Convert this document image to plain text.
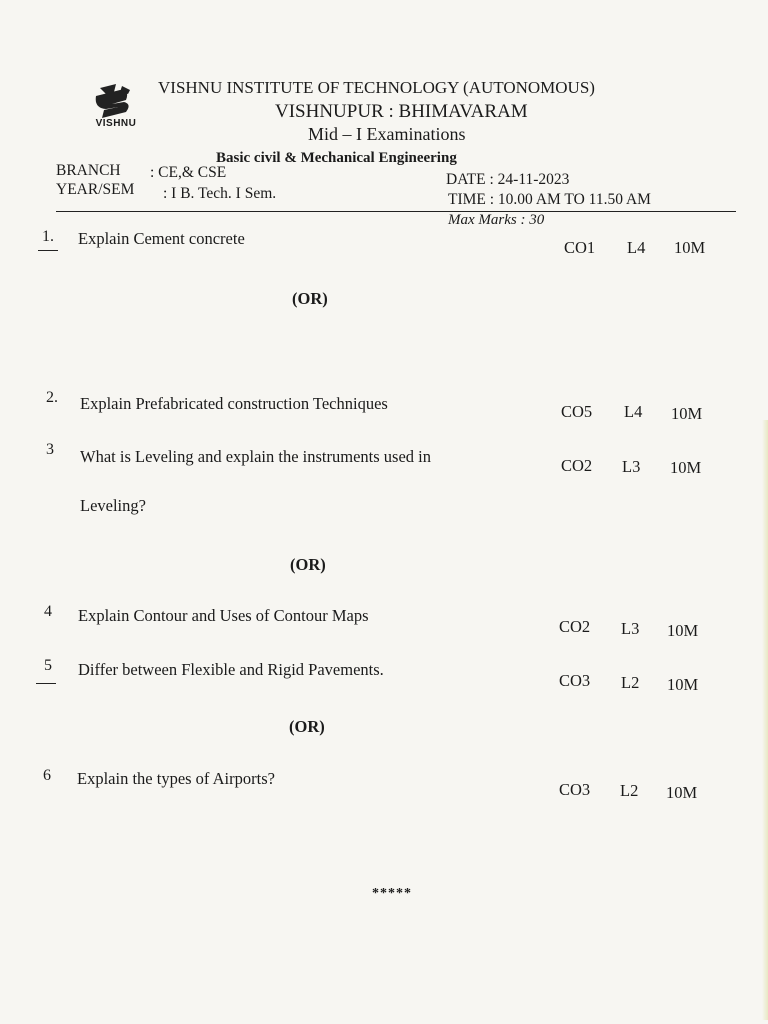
VISHNU
VISHNU INSTITUTE OF TECHNOLOGY (AUTONOMOUS)
VISHNUPUR : BHIMAVARAM
Mid – I Examinations
Basic civil & Mechanical Engineering
BRANCH : CE,& CSE
YEAR/SEM : I B. Tech. I Sem.
DATE : 24-11-2023
TIME : 10.00 AM TO 11.50 AM
Max Marks : 30
1. Explain Cement concrete	CO1 L4 10M
(OR)
2. Explain Prefabricated construction Techniques	CO5 L4 10M
3 What is Leveling and explain the instruments used in
Leveling?
CO2 L3 10M
(OR)
4 Explain Contour and Uses of Contour Maps
CO2 L3 10M
5 Differ between Flexible and Rigid Pavements.
CO3 L2 10M
(OR)
6 Explain the types of Airports?
CO3 L2 10M
*****
